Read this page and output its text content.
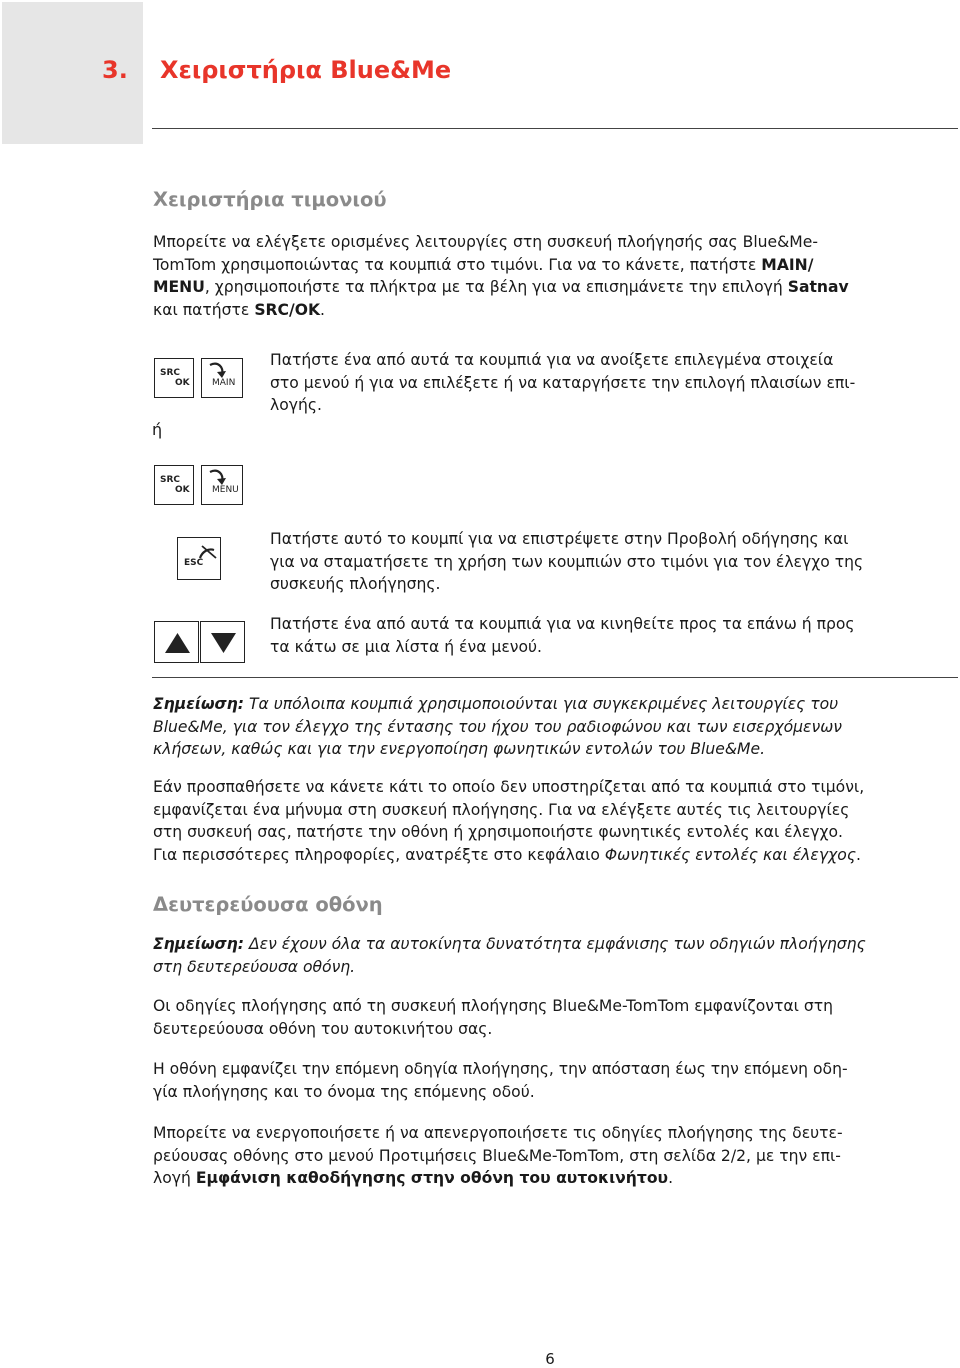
3. Χειριστήρια Blue&Me
Χειριστήρια τιμονιού
Μπορείτε να ελέγξετε ορισμένες λειτουργίες στη συσκευή πλοήγησής σας Blue&Me-
TomTom χρησιμοποιώντας τα κουμπιά στο τιμόνι. Για να το κάνετε, πατήστε MAIN/
MENU, χρησιμοποιήστε τα πλήκτρα με τα βέλη για να επισημάνετε την επιλογή Satnav
και πατήστε SRC/OK.
SRC
OK MAIN
ή
SRC
OK MENU
Πατήστε ένα από αυτά τα κουμπιά για να ανοίξετε επιλεγμένα στοιχεία
στο μενού ή για να επιλέξετε ή να καταργήσετε την επιλογή πλαισίων επι-
λογής.
ESC
Πατήστε αυτό το κουμπί για να επιστρέψετε στην Προβολή οδήγησης και
για να σταματήσετε τη χρήση των κουμπιών στο τιμόνι για τον έλεγχο της
συσκευής πλοήγησης.
Πατήστε ένα από αυτά τα κουμπιά για να κινηθείτε προς τα επάνω ή προς
τα κάτω σε μια λίστα ή ένα μενού.
Σημείωση: Τα υπόλοιπα κουμπιά χρησιμοποιούνται για συγκεκριμένες λειτουργίες του
Blue&Me, για τον έλεγχο της έντασης του ήχου του ραδιοφώνου και των εισερχόμενων
κλήσεων, καθώς και για την ενεργοποίηση φωνητικών εντολών του Blue&Me.
Εάν προσπαθήσετε να κάνετε κάτι το οποίο δεν υποστηρίζεται από τα κουμπιά στο τιμόνι,
εμφανίζεται ένα μήνυμα στη συσκευή πλοήγησης. Για να ελέγξετε αυτές τις λειτουργίες
στη συσκευή σας, πατήστε την οθόνη ή χρησιμοποιήστε φωνητικές εντολές και έλεγχο.
Για περισσότερες πληροφορίες, ανατρέξτε στο κεφάλαιο Φωνητικές εντολές και έλεγχος.
Δευτερεύουσα οθόνη
Σημείωση: Δεν έχουν όλα τα αυτοκίνητα δυνατότητα εμφάνισης των οδηγιών πλοήγησης
στη δευτερεύουσα οθόνη.
Οι οδηγίες πλοήγησης από τη συσκευή πλοήγησης Blue&Me-TomTom εμφανίζονται στη
δευτερεύουσα οθόνη του αυτοκινήτου σας.
Η οθόνη εμφανίζει την επόμενη οδηγία πλοήγησης, την απόσταση έως την επόμενη οδη-
γία πλοήγησης και το όνομα της επόμενης οδού.
Μπορείτε να ενεργοποιήσετε ή να απενεργοποιήσετε τις οδηγίες πλοήγησης της δευτε-
ρεύουσας οθόνης στο μενού Προτιμήσεις Blue&Me-TomTom, στη σελίδα 2/2, με την επι-
λογή Εμφάνιση καθοδήγησης στην οθόνη του αυτοκινήτου.
6
